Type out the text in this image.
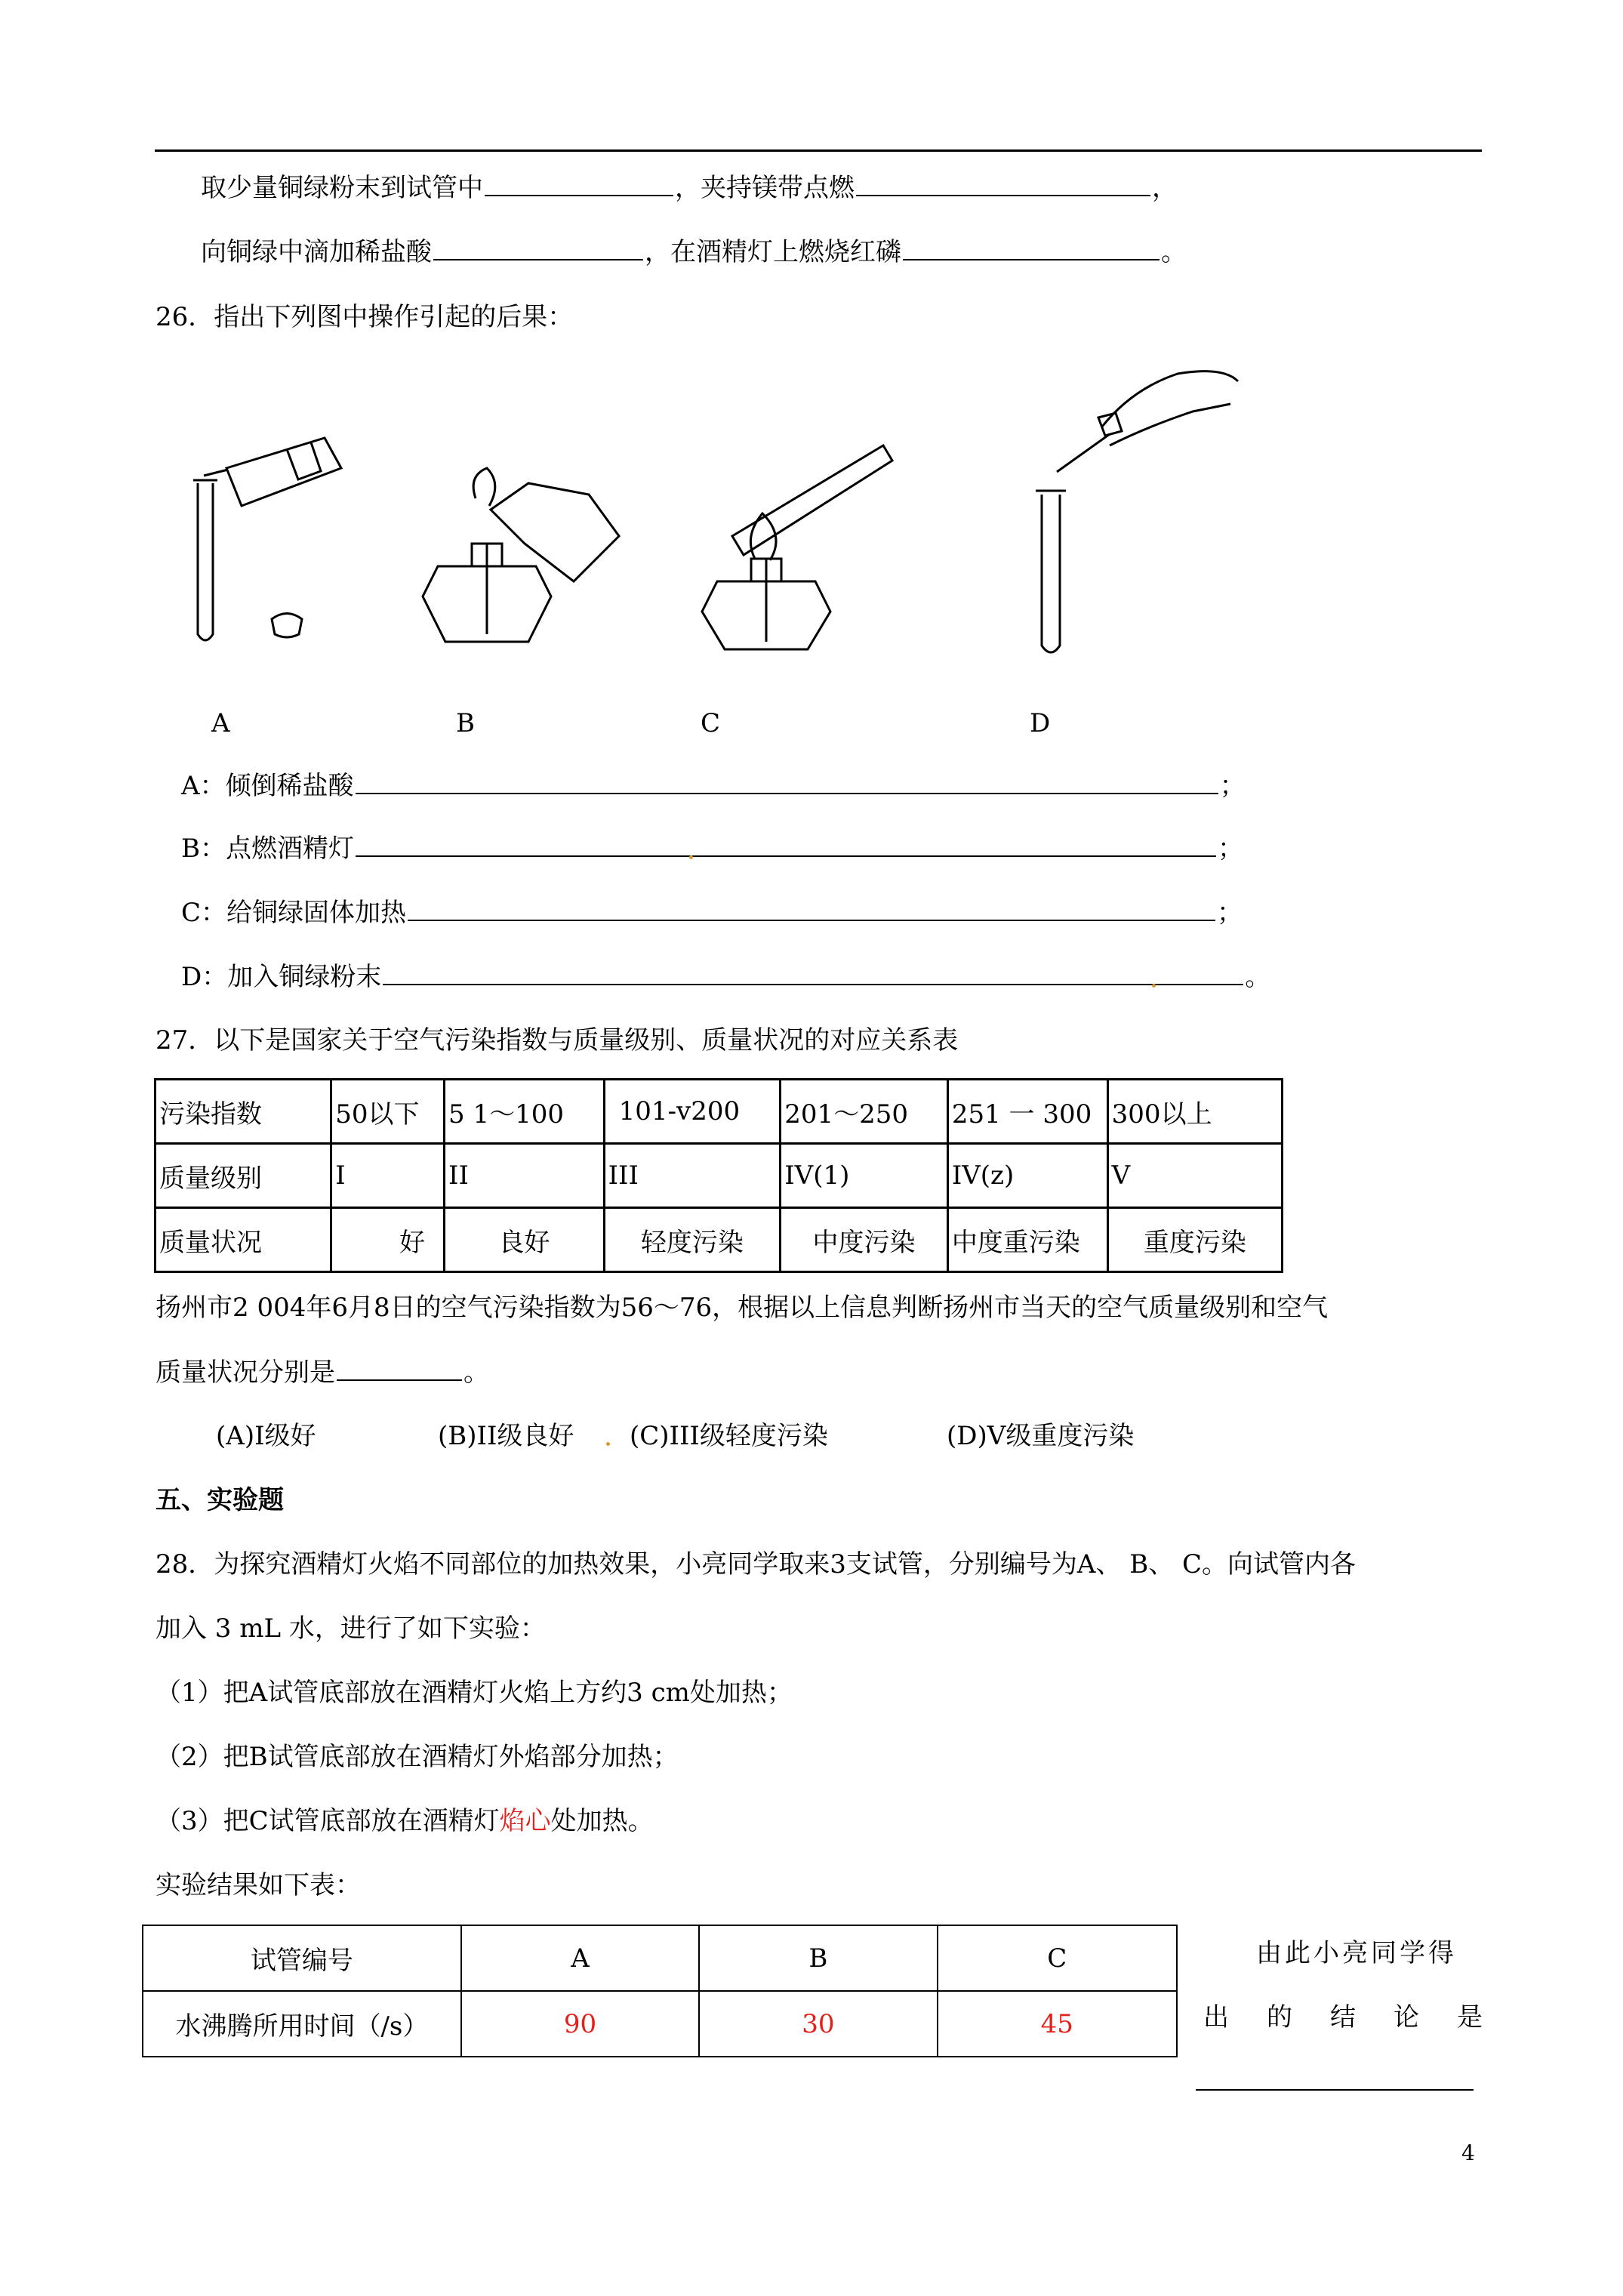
取少量铜绿粉末到试管中	，夹持镁带点燃	，
向铜绿中滴加稀盐酸	，在酒精灯上燃烧红磷	。
26．指出下列图中操作引起的后果：
A	B	C	D
A：倾倒稀盐酸	；
B：点燃酒精灯	；
C：给铜绿固体加热	；
D：加入铜绿粉末	。
27．以下是国家关于空气污染指数与质量级别、质量状况的对应关系表
污染指数	50以下	5 1～100	101-v200	201～250	251 一 300	300以上
质量级别	I	II	III	IV(1)	IV(z)	V
质量状况	好	良好	轻度污染	中度污染	中度重污染	重度污染
扬州市2 004年6月8日的空气污染指数为56～76，根据以上信息判断扬州市当天的空气质量级别和空气
质量状况分别是	。
(A)I级好	(B)II级良好 (C)III级轻度污染	(D)V级重度污染
五、实验题
28．为探究酒精灯火焰不同部位的加热效果，小亮同学取来3支试管，分别编号为A、 B、 C。向试管内各
加入 3 mL 水，进行了如下实验：
（1）把A试管底部放在酒精灯火焰上方约3 cm处加热；
（2）把B试管底部放在酒精灯外焰部分加热；
（3）把C试管底部放在酒精灯焰心处加热。
实验结果如下表：
试管编号	A	B	C
水沸腾所用时间（/s）	90	30	45
由此小亮同学得
出 的 结 论 是
4
